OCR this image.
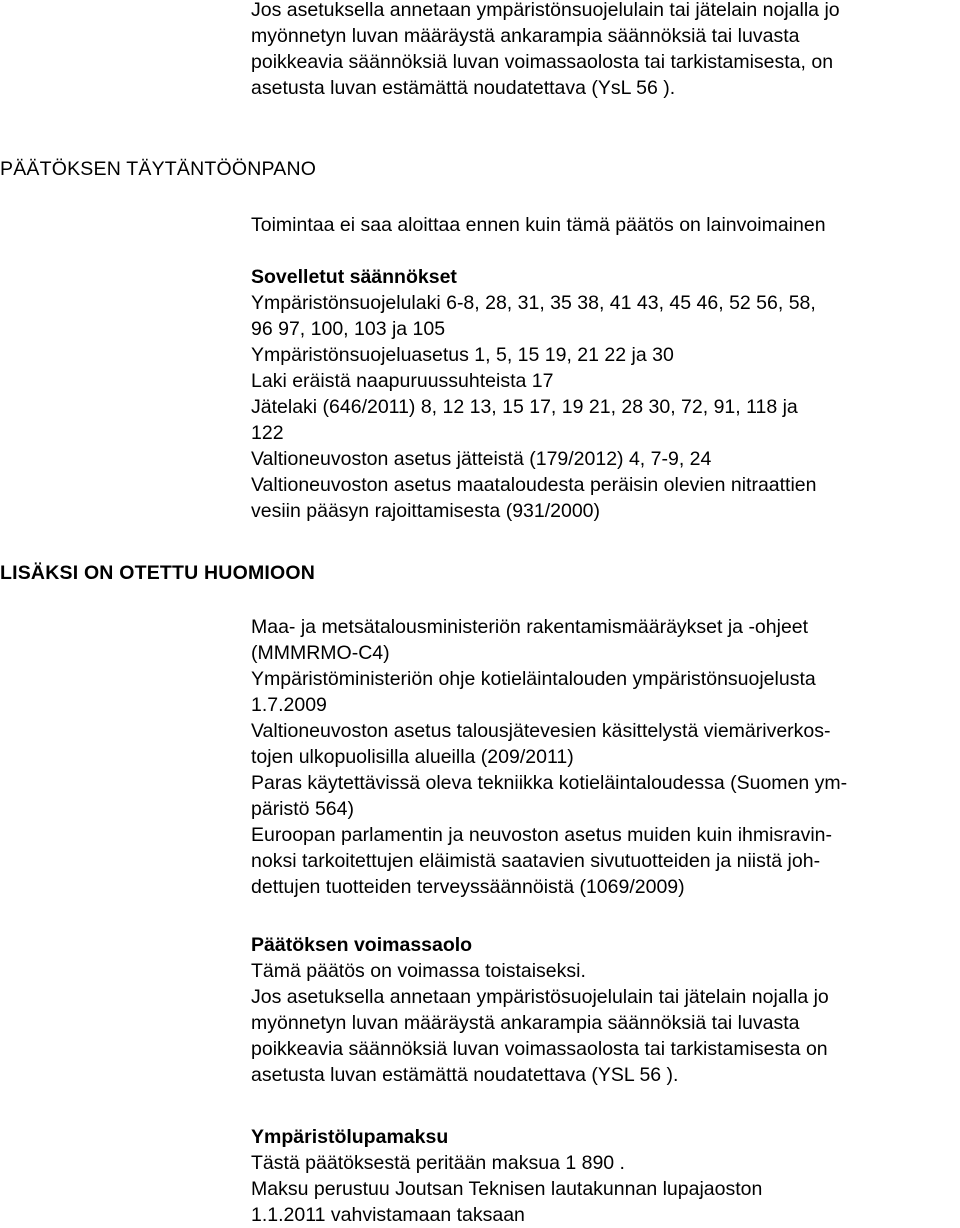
Jos asetuksella annetaan ympäristönsuojelulain tai jätelain nojalla jo
myönnetyn luvan määräystä ankarampia säännöksiä tai luvasta
poikkeavia säännöksiä luvan voimassaolosta tai tarkistamisesta, on
asetusta luvan estämättä noudatettava (YsL 56 ).
PÄÄTÖKSEN TÄYTÄNTÖÖNPANO
Toimintaa ei saa aloittaa ennen kuin tämä päätös on lainvoimainen
Sovelletut säännökset
Ympäristönsuojelulaki 6-8, 28, 31, 35 38, 41 43, 45 46, 52 56, 58,
96 97, 100, 103 ja 105
Ympäristönsuojeluasetus 1, 5, 15 19, 21 22 ja 30
Laki eräistä naapuruussuhteista 17
Jätelaki (646/2011) 8, 12 13, 15 17, 19 21, 28 30, 72, 91, 118 ja
122
Valtioneuvoston asetus jätteistä (179/2012) 4, 7-9, 24
Valtioneuvoston asetus maataloudesta peräisin olevien nitraattien
vesiin pääsyn rajoittamisesta (931/2000)
LISÄKSI ON OTETTU HUOMIOON
Maa- ja metsätalousministeriön rakentamismääräykset ja -ohjeet
(MMMRMO-C4)
Ympäristöministeriön ohje kotieläintalouden ympäristönsuojelusta
1.7.2009
Valtioneuvoston asetus talousjätevesien käsittelystä viemäriverkos-
tojen ulkopuolisilla alueilla (209/2011)
Paras käytettävissä oleva tekniikka kotieläintaloudessa (Suomen ym-
päristö 564)
Euroopan parlamentin ja neuvoston asetus muiden kuin ihmisravin-
noksi tarkoitettujen eläimistä saatavien sivutuotteiden ja niistä joh-
dettujen tuotteiden terveyssäännöistä (1069/2009)
Päätöksen voimassaolo
Tämä päätös on voimassa toistaiseksi.
Jos asetuksella annetaan ympäristösuojelulain tai jätelain nojalla jo
myönnetyn luvan määräystä ankarampia säännöksiä tai luvasta
poikkeavia säännöksiä luvan voimassaolosta tai tarkistamisesta on
asetusta luvan estämättä noudatettava (YSL 56 ).
Ympäristölupamaksu
Tästä päätöksestä peritään maksua 1 890 .
Maksu perustuu Joutsan Teknisen lautakunnan lupajaoston
1.1.2011 vahvistamaan taksaan
